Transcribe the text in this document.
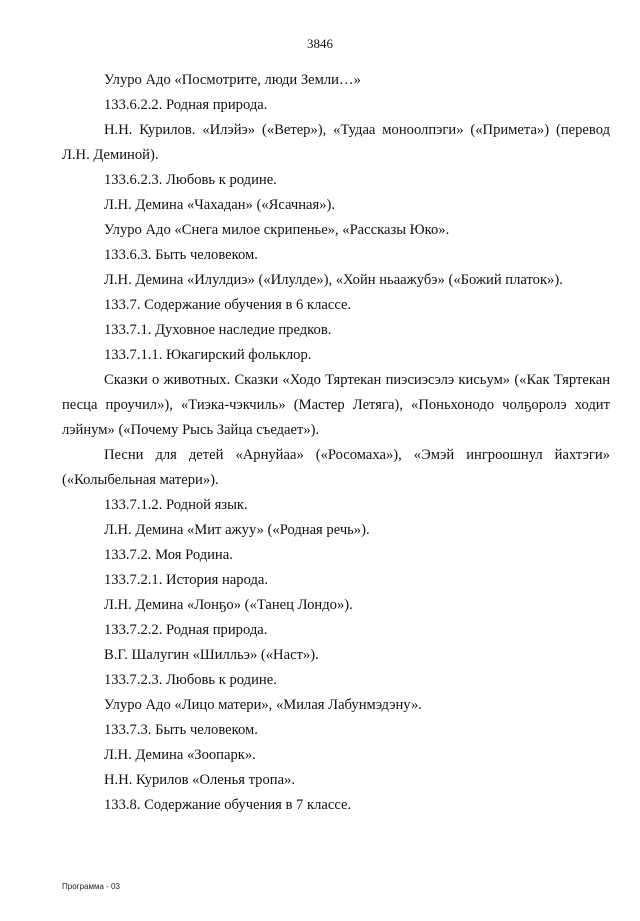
3846

Улуро Адо «Посмотрите, люди Земли…»

133.6.2.2. Родная природа.

Н.Н. Курилов. «Илэйэ» («Ветер»), «Тудаа моноолпэги» («Примета») (перевод Л.Н. Деминой).

133.6.2.3. Любовь к родине.

Л.Н. Демина «Чахадан» («Ясачная»).

Улуро Адо «Снега милое скрипенье», «Рассказы Юко».

133.6.3. Быть человеком.

Л.Н. Демина «Илулдиэ» («Илулде»), «Хойн ньаажубэ» («Божий платок»).

133.7. Содержание обучения в 6 классе.

133.7.1. Духовное наследие предков.

133.7.1.1. Юкагирский фольклор.

Сказки о животных. Сказки «Ходо Тяртекан пиэсиэсэлэ кисьум» («Как Тяртекан песца проучил»), «Тиэка-чэкчиль» (Мастер Летяга), «Поньхонодо чолҕоролэ ходит лэйнум» («Почему Рысь Зайца съедает»).

Песни для детей «Арнуйаа» («Росомаха»), «Эмэй ингроошнул йахтэги» («Колыбельная матери»).

133.7.1.2. Родной язык.

Л.Н. Демина «Мит ажуу» («Родная речь»).

133.7.2. Моя Родина.

133.7.2.1. История народа.

Л.Н. Демина «Лонҕо» («Танец Лондо»).

133.7.2.2. Родная природа.

В.Г. Шалугин «Шилльэ» («Наст»).

133.7.2.3. Любовь к родине.

Улуро Адо «Лицо матери», «Милая Лабунмэдэну».

133.7.3. Быть человеком.

Л.Н. Демина «Зоопарк».

Н.Н. Курилов «Оленья тропа».

133.8. Содержание обучения в 7 классе.

Программа - 03
